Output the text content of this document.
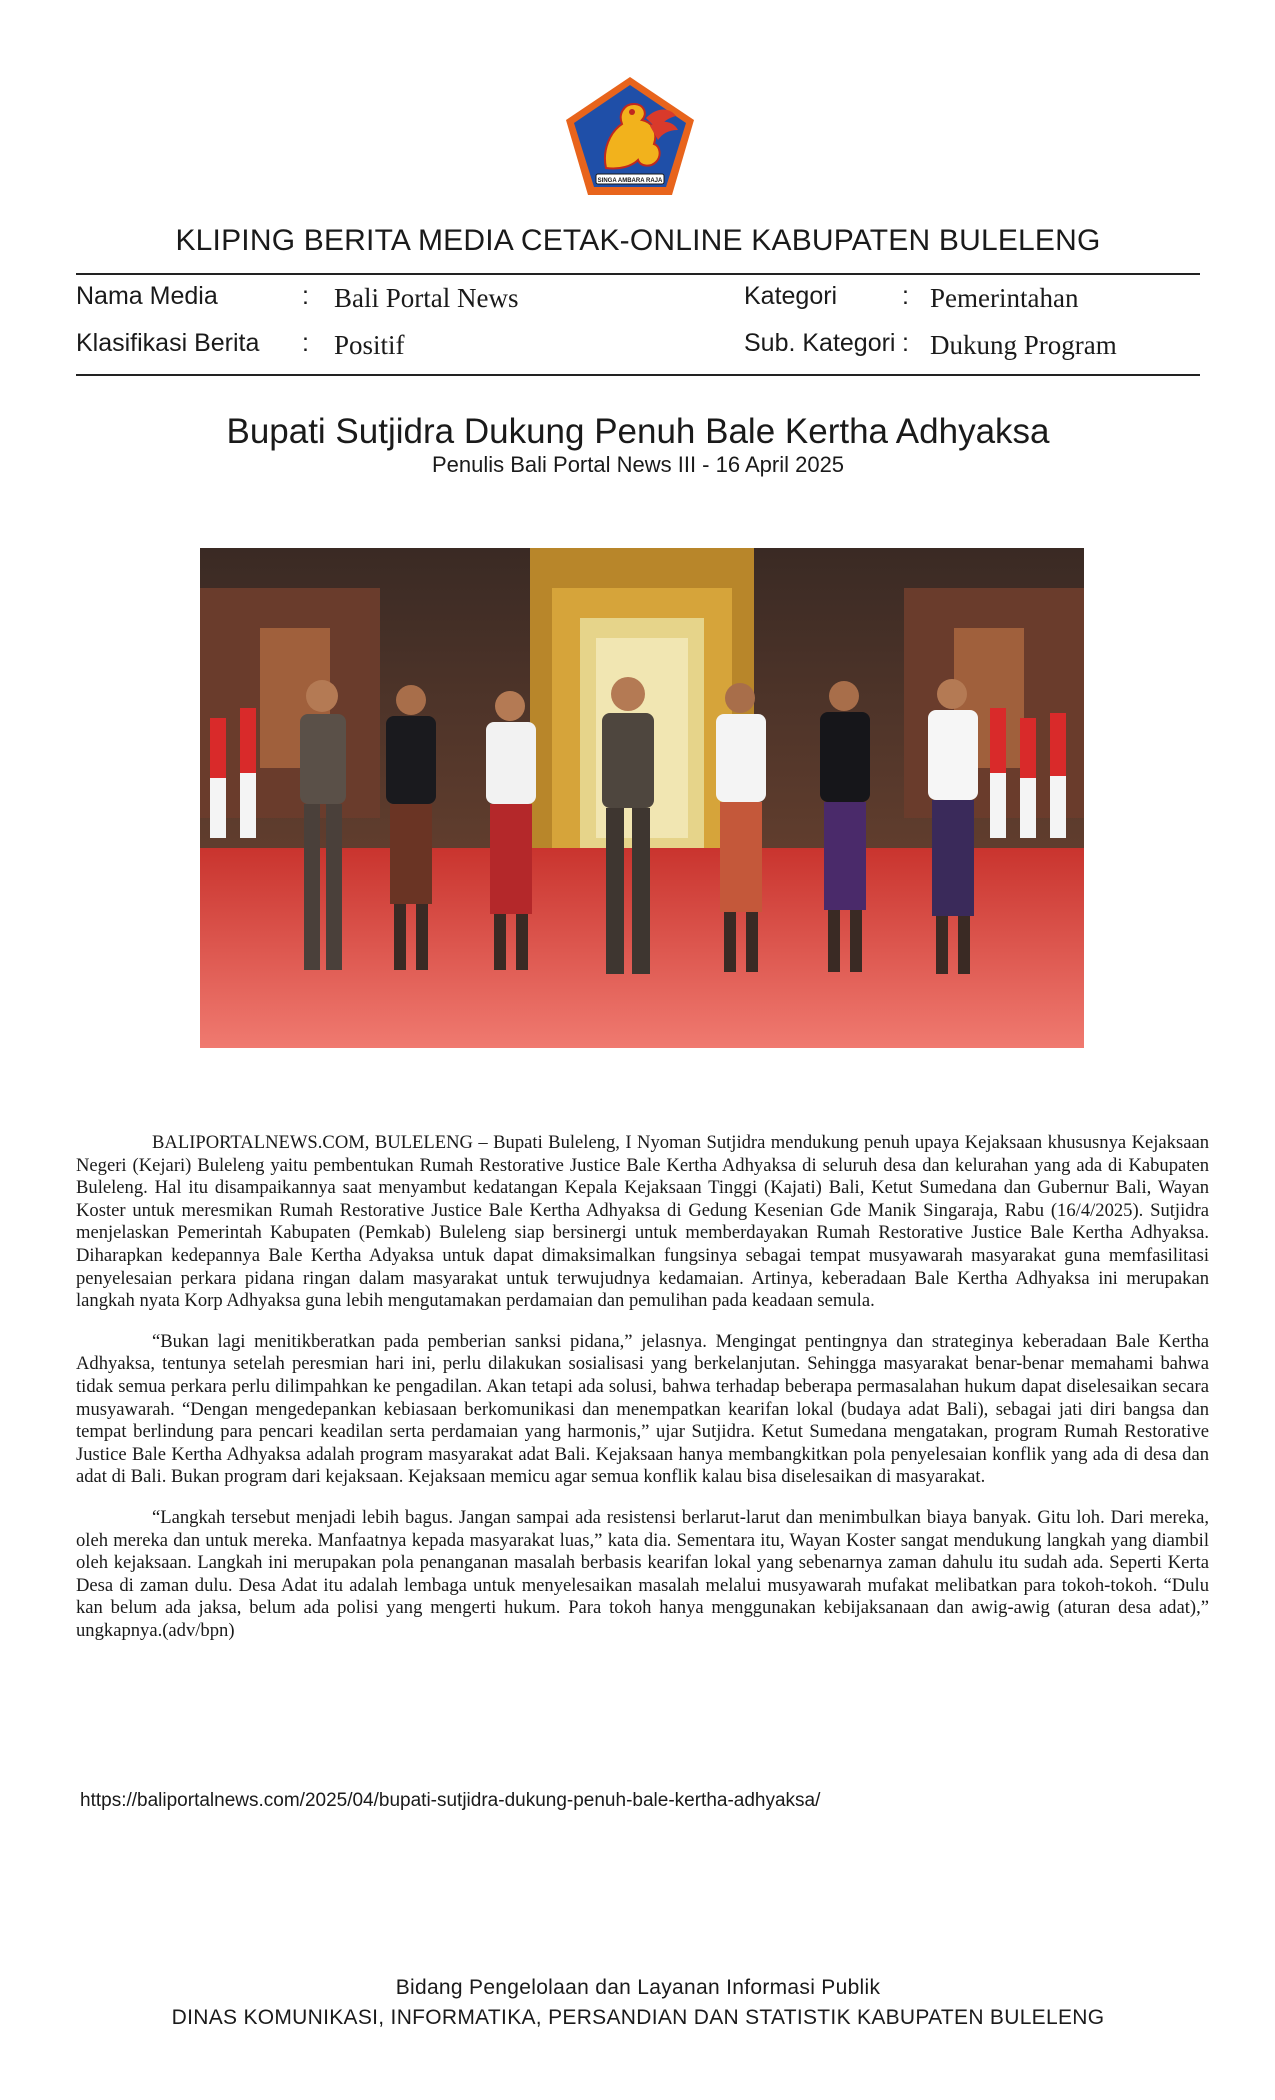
SINGA AMBARA RAJA
KLIPING BERITA MEDIA CETAK-ONLINE KABUPATEN BULELENG
Nama Media	: Bali Portal News
Klasifikasi Berita : Positif
Kategori	: Pemerintahan
Sub. Kategori : Dukung Program
Bupati Sutjidra Dukung Penuh Bale Kertha Adhyaksa
Penulis Bali Portal News III - 16 April 2025

BALIPORTALNEWS.COM, BULELENG – Bupati Buleleng, I Nyoman Sutjidra mendukung penuh upaya Kejaksaan khususnya Kejaksaan Negeri (Kejari) Buleleng yaitu pembentukan Rumah Restorative Justice Bale Kertha Adhyaksa di seluruh desa dan kelurahan yang ada di Kabupaten Buleleng. Hal itu disampaikannya saat menyambut kedatangan Kepala Kejaksaan Tinggi (Kajati) Bali, Ketut Sumedana dan Gubernur Bali, Wayan Koster untuk meresmikan Rumah Restorative Justice Bale Kertha Adhyaksa di Gedung Kesenian Gde Manik Singaraja, Rabu (16/4/2025). Sutjidra menjelaskan Pemerintah Kabupaten (Pemkab) Buleleng siap bersinergi untuk memberdayakan Rumah Restorative Justice Bale Kertha Adhyaksa. Diharapkan kedepannya Bale Kertha Adyaksa untuk dapat dimaksimalkan fungsinya sebagai tempat musyawarah masyarakat guna memfasilitasi penyelesaian perkara pidana ringan dalam masyarakat untuk terwujudnya kedamaian. Artinya, keberadaan Bale Kertha Adhyaksa ini merupakan langkah nyata Korp Adhyaksa guna lebih mengutamakan perdamaian dan pemulihan pada keadaan semula.

“Bukan lagi menitikberatkan pada pemberian sanksi pidana,” jelasnya. Mengingat pentingnya dan strateginya keberadaan Bale Kertha Adhyaksa, tentunya setelah peresmian hari ini, perlu dilakukan sosialisasi yang berkelanjutan. Sehingga masyarakat benar-benar memahami bahwa tidak semua perkara perlu dilimpahkan ke pengadilan. Akan tetapi ada solusi, bahwa terhadap beberapa permasalahan hukum dapat diselesaikan secara musyawarah. “Dengan mengedepankan kebiasaan berkomunikasi dan menempatkan kearifan lokal (budaya adat Bali), sebagai jati diri bangsa dan tempat berlindung para pencari keadilan serta perdamaian yang harmonis,” ujar Sutjidra. Ketut Sumedana mengatakan, program Rumah Restorative Justice Bale Kertha Adhyaksa adalah program masyarakat adat Bali. Kejaksaan hanya membangkitkan pola penyelesaian konflik yang ada di desa dan adat di Bali. Bukan program dari kejaksaan. Kejaksaan memicu agar semua konflik kalau bisa diselesaikan di masyarakat.

“Langkah tersebut menjadi lebih bagus. Jangan sampai ada resistensi berlarut-larut dan menimbulkan biaya banyak. Gitu loh. Dari mereka, oleh mereka dan untuk mereka. Manfaatnya kepada masyarakat luas,” kata dia. Sementara itu, Wayan Koster sangat mendukung langkah yang diambil oleh kejaksaan. Langkah ini merupakan pola penanganan masalah berbasis kearifan lokal yang sebenarnya zaman dahulu itu sudah ada. Seperti Kerta Desa di zaman dulu. Desa Adat itu adalah lembaga untuk menyelesaikan masalah melalui musyawarah mufakat melibatkan para tokoh-tokoh. “Dulu kan belum ada jaksa, belum ada polisi yang mengerti hukum. Para tokoh hanya menggunakan kebijaksanaan dan awig-awig (aturan desa adat),” ungkapnya.(adv/bpn)

https://baliportalnews.com/2025/04/bupati-sutjidra-dukung-penuh-bale-kertha-adhyaksa/
Bidang Pengelolaan dan Layanan Informasi Publik
DINAS KOMUNIKASI, INFORMATIKA, PERSANDIAN DAN STATISTIK KABUPATEN BULELENG
